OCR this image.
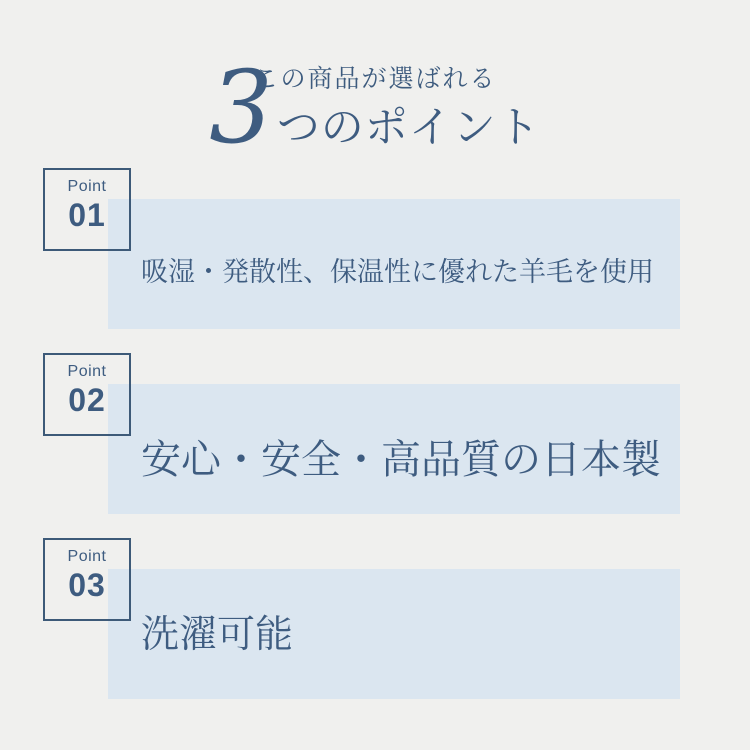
この商品が選ばれる

3つのポイント

吸湿・発散性、保温性に優れた羊毛を使用

Point
01

安心・安全・高品質の日本製

Point
02

洗濯可能

Point
03
